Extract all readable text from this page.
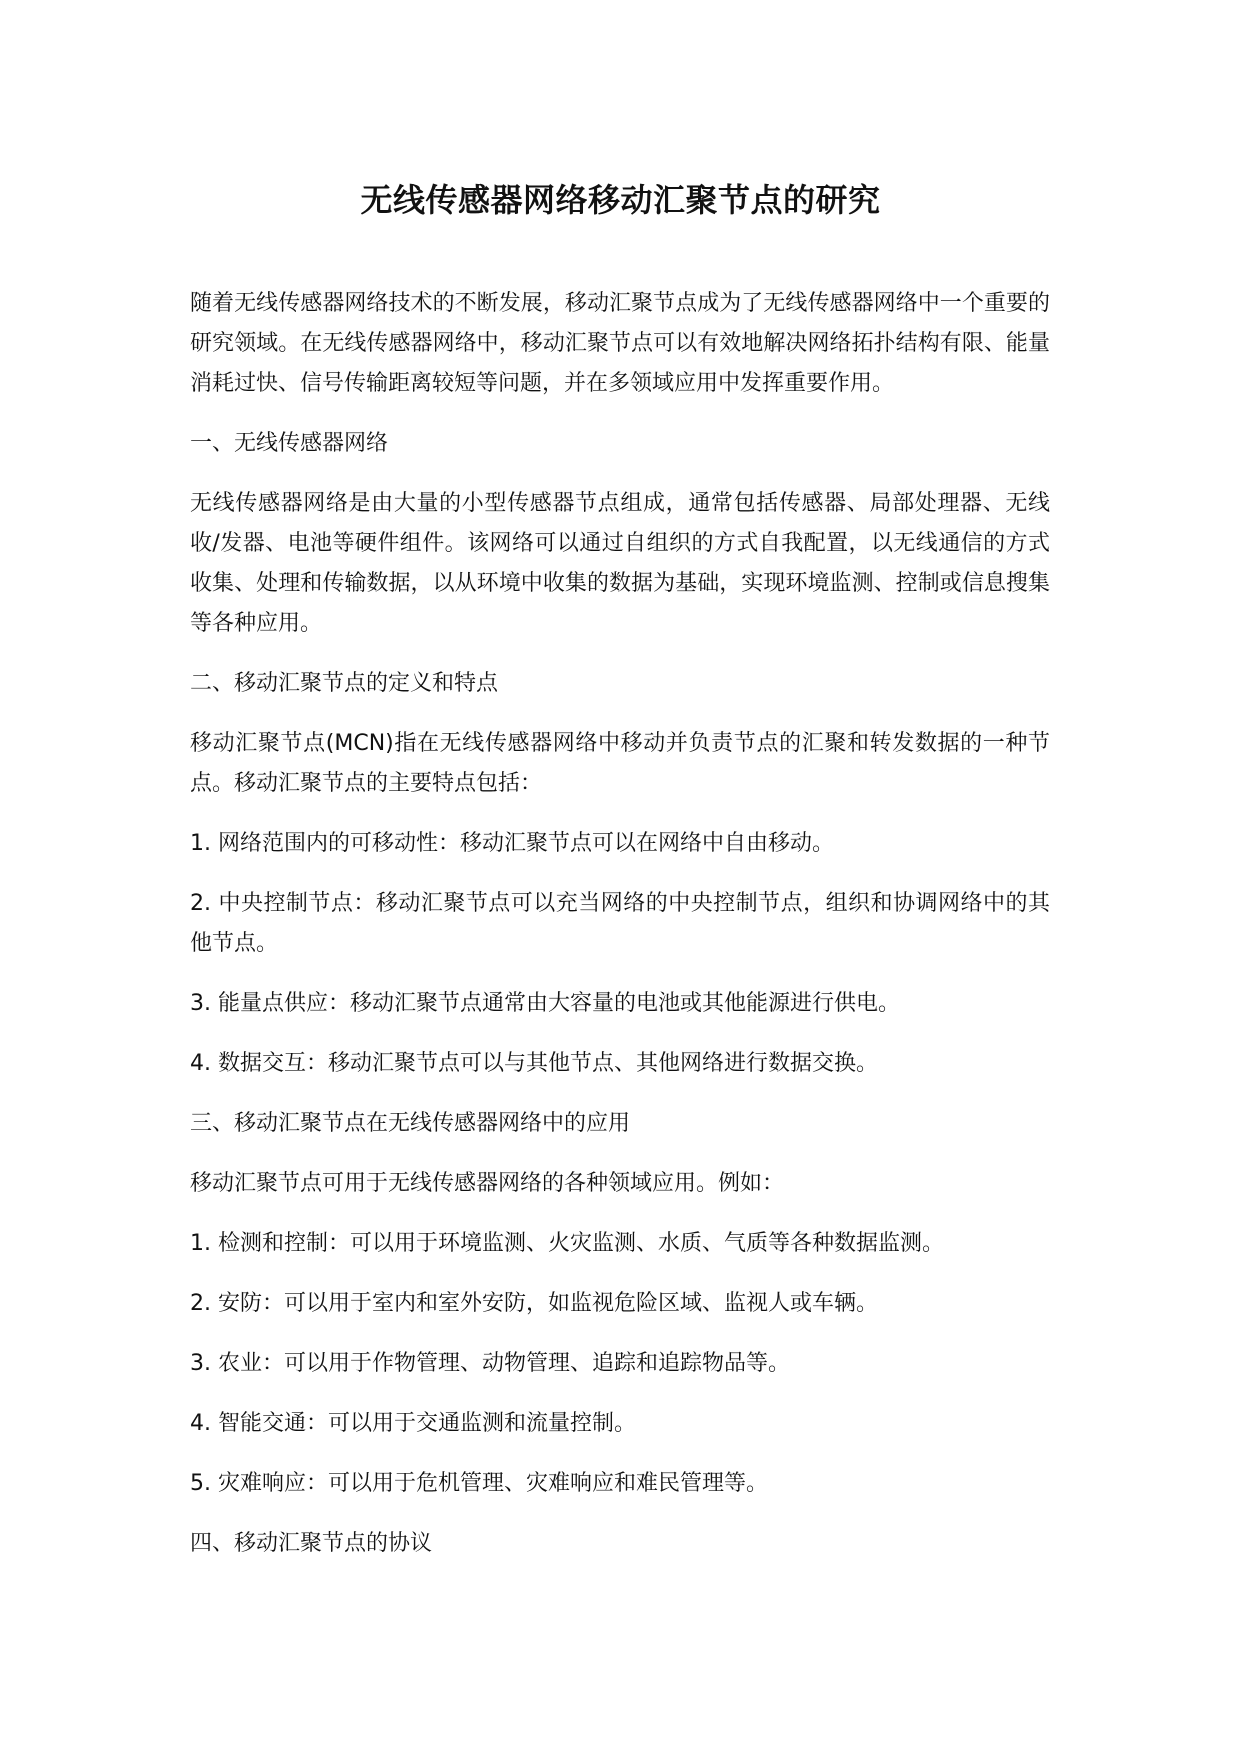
无线传感器网络移动汇聚节点的研究

随着无线传感器网络技术的不断发展，移动汇聚节点成为了无线传感器网络中一个重要的研究领域。在无线传感器网络中，移动汇聚节点可以有效地解决网络拓扑结构有限、能量消耗过快、信号传输距离较短等问题，并在多领域应用中发挥重要作用。

一、无线传感器网络

无线传感器网络是由大量的小型传感器节点组成，通常包括传感器、局部处理器、无线收/发器、电池等硬件组件。该网络可以通过自组织的方式自我配置，以无线通信的方式收集、处理和传输数据，以从环境中收集的数据为基础，实现环境监测、控制或信息搜集等各种应用。

二、移动汇聚节点的定义和特点

移动汇聚节点(MCN)指在无线传感器网络中移动并负责节点的汇聚和转发数据的一种节点。移动汇聚节点的主要特点包括：

1. 网络范围内的可移动性：移动汇聚节点可以在网络中自由移动。

2. 中央控制节点：移动汇聚节点可以充当网络的中央控制节点，组织和协调网络中的其他节点。

3. 能量点供应：移动汇聚节点通常由大容量的电池或其他能源进行供电。

4. 数据交互：移动汇聚节点可以与其他节点、其他网络进行数据交换。

三、移动汇聚节点在无线传感器网络中的应用

移动汇聚节点可用于无线传感器网络的各种领域应用。例如：

1. 检测和控制：可以用于环境监测、火灾监测、水质、气质等各种数据监测。

2. 安防：可以用于室内和室外安防，如监视危险区域、监视人或车辆。

3. 农业：可以用于作物管理、动物管理、追踪和追踪物品等。

4. 智能交通：可以用于交通监测和流量控制。

5. 灾难响应：可以用于危机管理、灾难响应和难民管理等。

四、移动汇聚节点的协议
